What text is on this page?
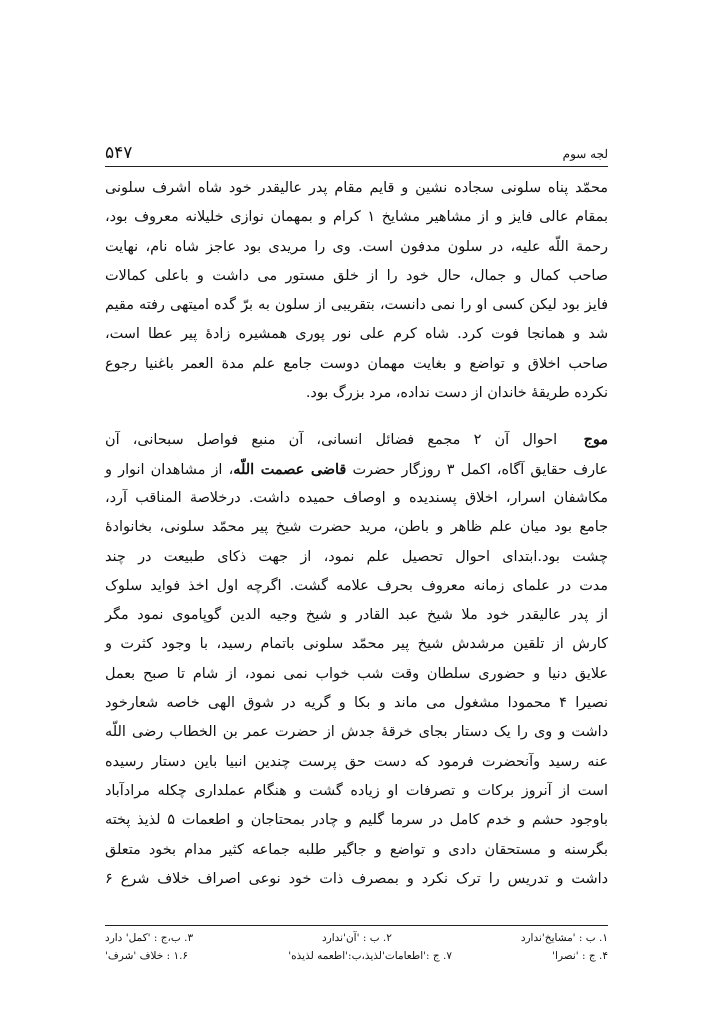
لجه سوم
۵۴۷

محمّد پناه سلونی سجاده نشین و قایم مقام پدر عالیقدر خود شاه اشرف سلونی

بمقام عالی فایز و از مشاهیر مشایخ ۱ کرام و بمهمان نوازی خلیلانه معروف بود،

رحمة اللّه علیه، در سلون مدفون است. وی را مریدی بود عاجز شاه نام، نهایت

صاحب کمال و جمال، حال خود را از خلق مستور می داشت و باعلی کمالات

فایز بود لیکن کسی او را نمی دانست، بتقریبی از سلون به برّ گده امیتهی رفته مقیم

شد و همانجا فوت کرد. شاه کرم علی نور پوری همشیره زادهٔ پیر عطا است،

صاحب اخلاق و تواضع و بغایت مهمان دوست جامع علم مدة العمر باغنیا رجوع

نکرده طریقهٔ خاندان از دست نداده، مرد بزرگ بود.

موج  احوال آن ۲ مجمع فضائل انسانی، آن منبع فواصل سبحانی، آن

عارف حقایق آگاه، اکمل ۳ روزگار حضرت قاضی عصمت اللّه، از مشاهدان انوار و

مکاشفان اسرار، اخلاق پسندیده و اوصاف حمیده داشت. درخلاصة المناقب آرد،

جامع بود میان علم ظاهر و باطن، مرید حضرت شیخ پیر محمّد سلونی، بخانوادهٔ

چشت بود.ابتدای احوال تحصیل علم نمود، از جهت ذکای طبیعت در چند

مدت در علمای زمانه معروف بحرف علامه گشت. اگرچه اول اخذ فواید سلوک

از پدر عالیقدر خود ملا شیخ عبد القادر و شیخ وجیه الدین گوپاموی نمود مگر

کارش از تلقین مرشدش شیخ پیر محمّد سلونی باتمام رسید، با وجود کثرت و

علایق دنیا و حضوری سلطان وقت شب خواب نمی نمود، از شام تا صبح بعمل

نصیرا ۴ محمودا مشغول می ماند و بکا و گریه در شوق الهی خاصه شعارخود

داشت و وی را یک دستار بجای خرقهٔ جدش از حضرت عمر بن الخطاب رضی اللّه

عنه رسید وآنحضرت فرمود که دست حق پرست چندین انبیا باین دستار رسیده

است از آنروز برکات و تصرفات او زیاده گشت و هنگام عملداری چکله مرادآباد

باوجود حشم و خدم کامل در سرما گلیم و چادر بمحتاجان و اطعمات ۵ لذیذ پخته

بگرسنه و مستحقان دادی و تواضع و جاگیر طلبه جماعه کثیر مدام بخود متعلق

داشت و تدریس را ترک نکرد و بمصرف ذات خود نوعی اصراف خلاف شرع ۶

۱. ب : 'مشایخ'ندارد
۲. ب : 'آن'ندارد
۳. ب،ج : 'کمل' دارد
۴. ج : 'نصرا'
۷. ج :'اطعامات'لذیذ،ب:'اطعمه لذیذه'
۱.۶ : خلاف 'شرف'
